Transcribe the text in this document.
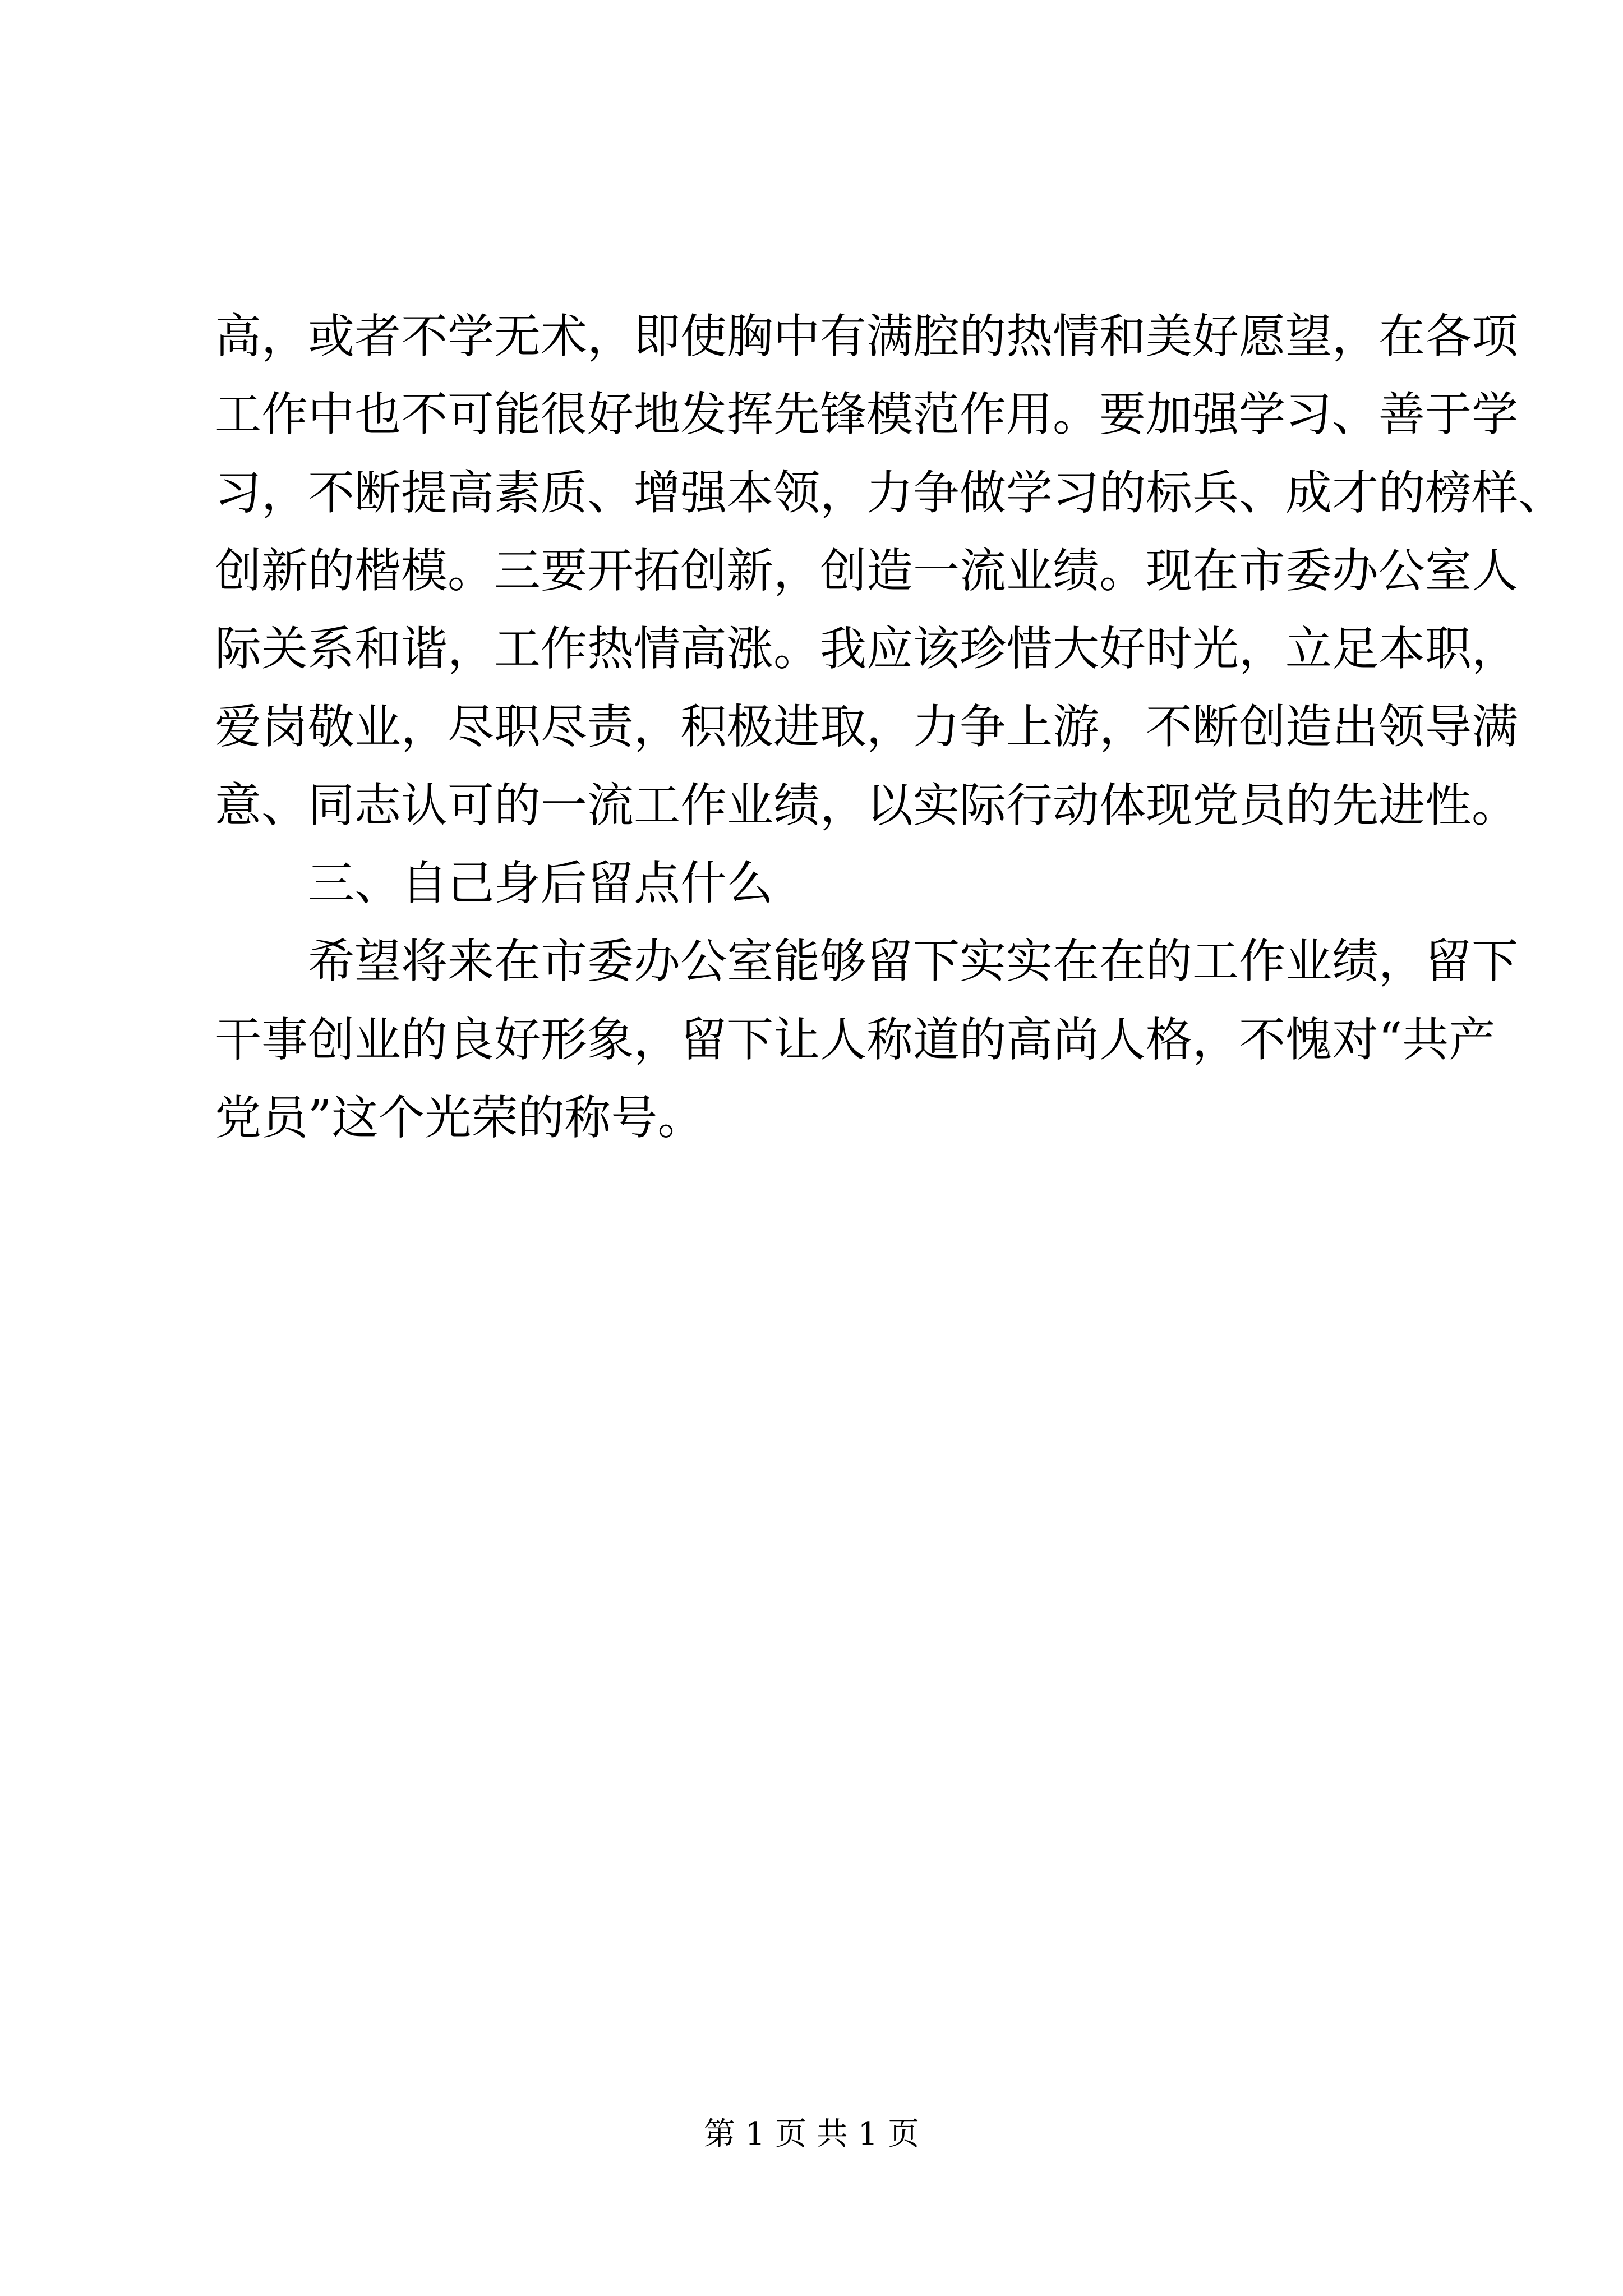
高，或者不学无术，即使胸中有满腔的热情和美好愿望，在各项
工作中也不可能很好地发挥先锋模范作用。要加强学习、善于学
习，不断提高素质、增强本领，力争做学习的标兵、成才的榜样、
创新的楷模。三要开拓创新，创造一流业绩。现在市委办公室人
际关系和谐，工作热情高涨。我应该珍惜大好时光，立足本职，
爱岗敬业，尽职尽责，积极进取，力争上游，不断创造出领导满
意、同志认可的一流工作业绩，以实际行动体现党员的先进性。
三、自己身后留点什么
希望将来在市委办公室能够留下实实在在的工作业绩，留下
干事创业的良好形象，留下让人称道的高尚人格，不愧对“共产
党员”这个光荣的称号。
第 1 页 共 1 页
